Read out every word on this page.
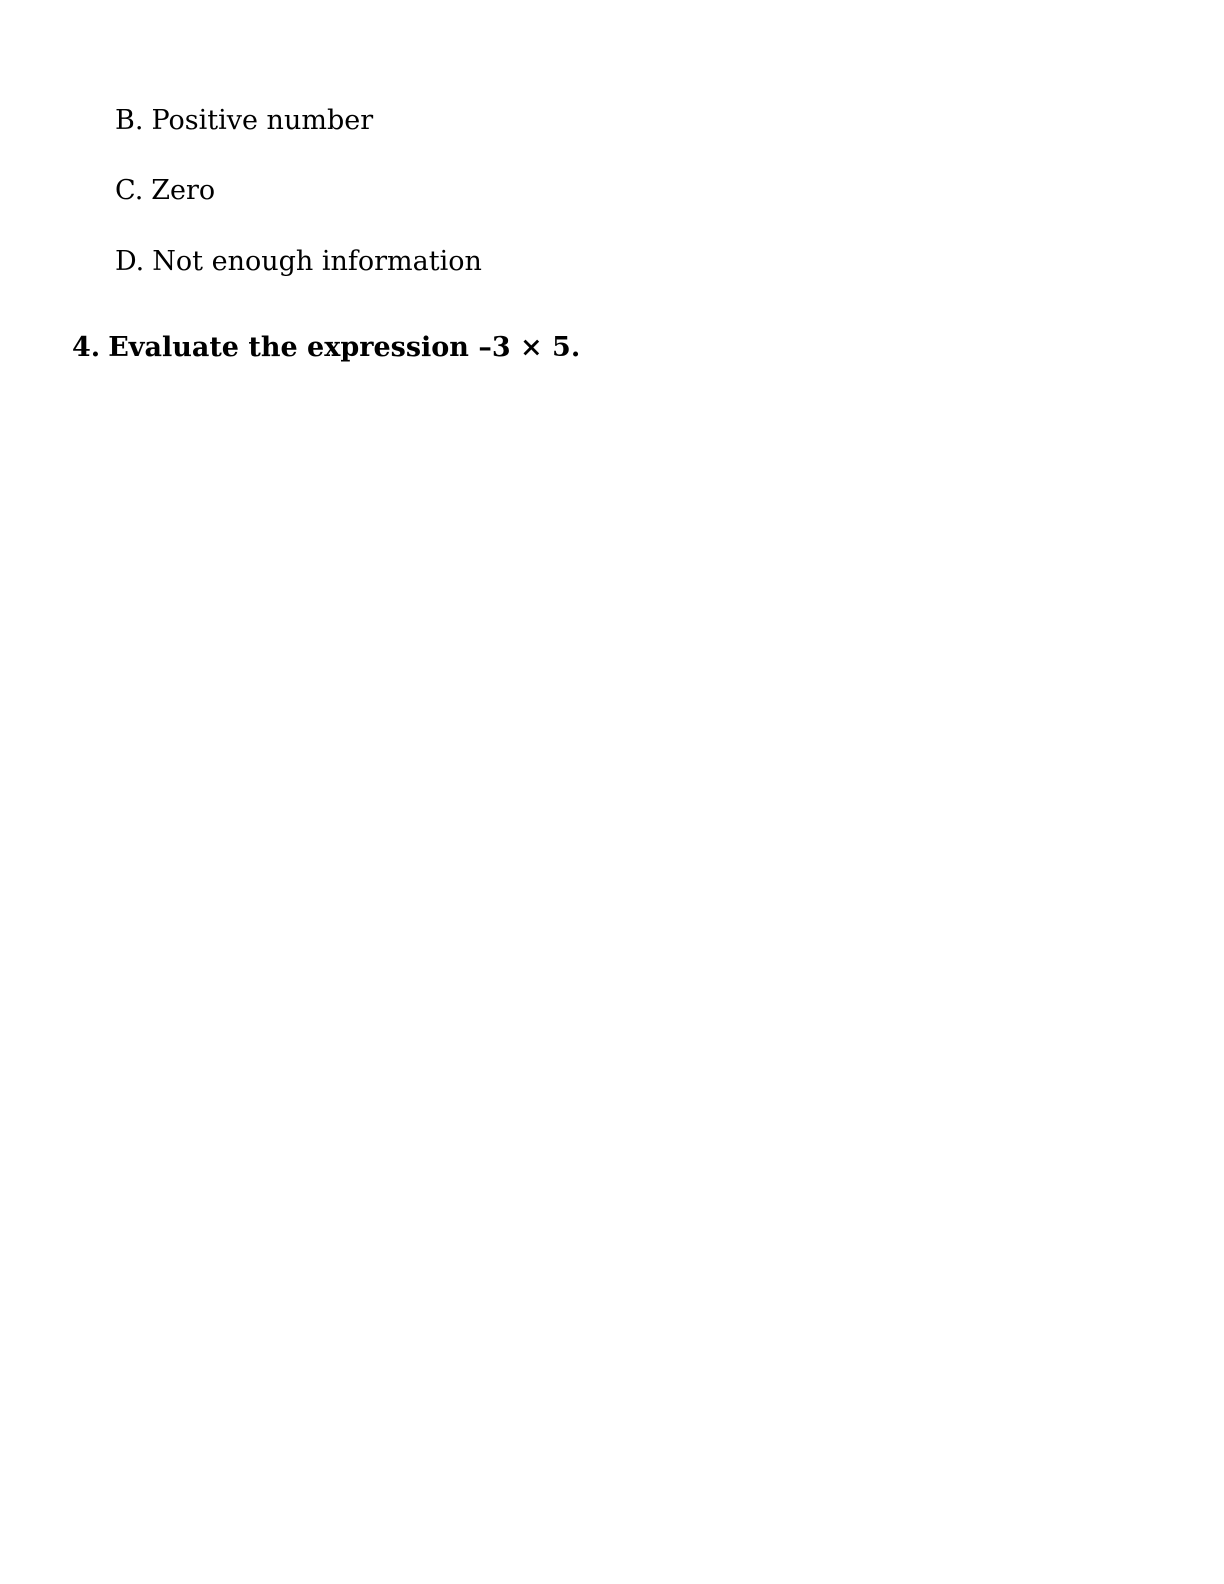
B. Positive number
C. Zero
D. Not enough information
4. Evaluate the expression –3 × 5.
